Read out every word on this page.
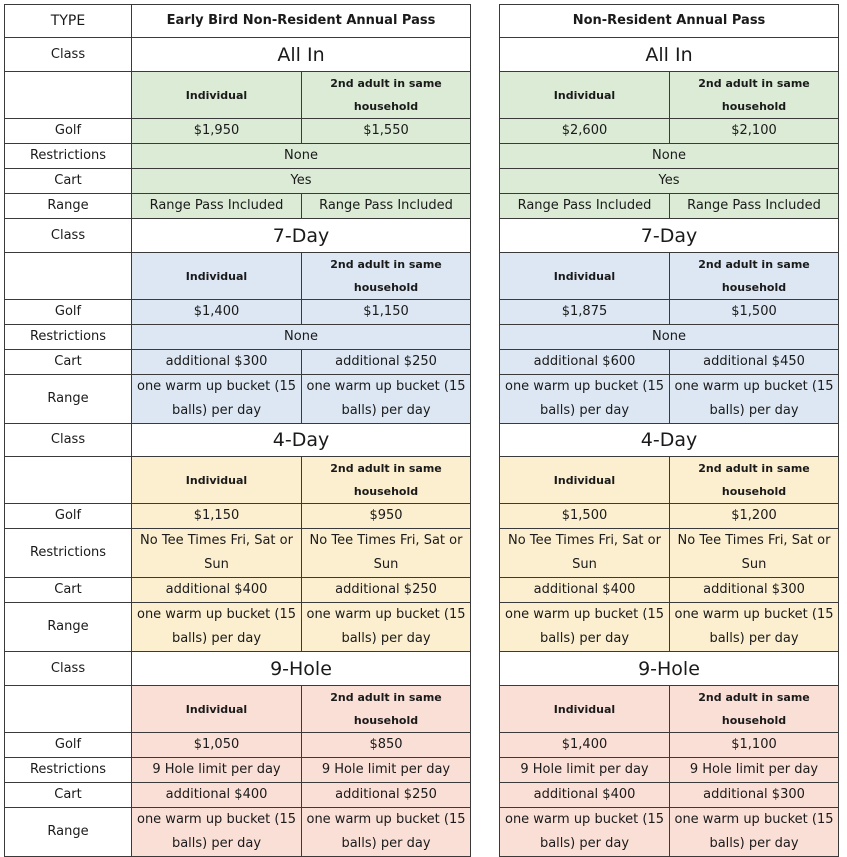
TYPE	Early Bird Non-Resident Annual Pass	
Class	All In	
	Individual	2nd adult in same household
Golf	$1,950	$1,550
Restrictions	None	
Cart	Yes	
Range	Range Pass Included	Range Pass Included
Class	7-Day	
	Individual	2nd adult in same household
Golf	$1,400	$1,150
Restrictions	None	
Cart	additional $300	additional $250
Range	one warm up bucket (15 balls) per day	one warm up bucket (15 balls) per day
Class	4-Day	
	Individual	2nd adult in same household
Golf	$1,150	$950
Restrictions	No Tee Times Fri, Sat or Sun	No Tee Times Fri, Sat or Sun
Cart	additional $400	additional $250
Range	one warm up bucket (15 balls) per day	one warm up bucket (15 balls) per day
Class	9-Hole	
	Individual	2nd adult in same household
Golf	$1,050	$850
Restrictions	9 Hole limit per day	9 Hole limit per day
Cart	additional $400	additional $250
Range	one warm up bucket (15 balls) per day	one warm up bucket (15 balls) per day
Non-Resident Annual Pass	
All In	
Individual	2nd adult in same household
$2,600	$2,100
None	
Yes	
Range Pass Included	Range Pass Included
7-Day	
Individual	2nd adult in same household
$1,875	$1,500
None	
additional $600	additional $450
one warm up bucket (15 balls) per day	one warm up bucket (15 balls) per day
4-Day	
Individual	2nd adult in same household
$1,500	$1,200
No Tee Times Fri, Sat or Sun	No Tee Times Fri, Sat or Sun
additional $400	additional $300
one warm up bucket (15 balls) per day	one warm up bucket (15 balls) per day
9-Hole	
Individual	2nd adult in same household
$1,400	$1,100
9 Hole limit per day	9 Hole limit per day
additional $400	additional $300
one warm up bucket (15 balls) per day	one warm up bucket (15 balls) per day
